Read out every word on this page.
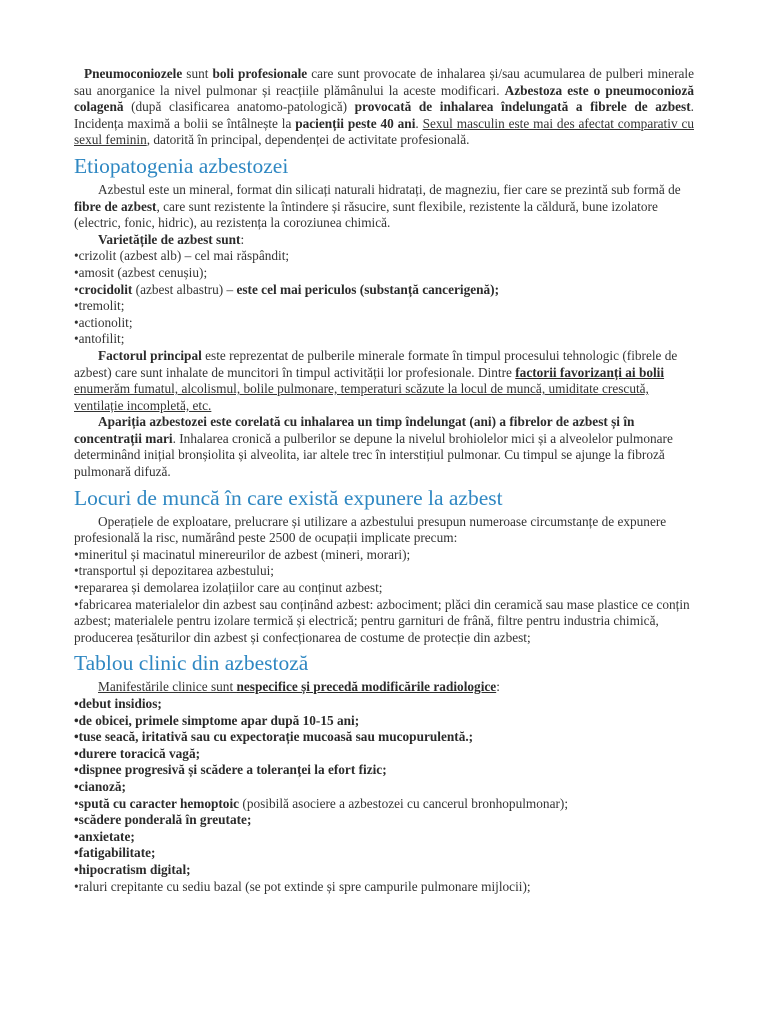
Pneumoconiozele sunt boli profesionale care sunt provocate de inhalarea și/sau acumularea de pulberi minerale sau anorganice la nivel pulmonar și reacțiile plămânului la aceste modificari. Azbestoza este o pneumoconioză colagenă (după clasificarea anatomo-patologică) provocată de inhalarea îndelungată a fibrele de azbest. Incidența maximă a bolii se întâlnește la pacienții peste 40 ani. Sexul masculin este mai des afectat comparativ cu sexul feminin, datorită în principal, dependenței de activitate profesională.

Etiopatogenia azbestozei

Azbestul este un mineral, format din silicați naturali hidratați, de magneziu, fier care se prezintă sub formă de fibre de azbest, care sunt rezistente la întindere și răsucire, sunt flexibile, rezistente la căldură, bune izolatore (electric, fonic, hidric), au rezistența la coroziunea chimică.

Varietățile de azbest sunt:

• crizolit (azbest alb) – cel mai răspândit;

• amosit (azbest cenușiu);

• crocidolit (azbest albastru) – este cel mai periculos (substanță cancerigenă);

• tremolit;

• actionolit;

• antofilit;

Factorul principal este reprezentat de pulberile minerale formate în timpul procesului tehnologic (fibrele de azbest) care sunt inhalate de muncitori în timpul activității lor profesionale. Dintre factorii favorizanți ai bolii enumerăm fumatul, alcolismul, bolile pulmonare, temperaturi scăzute la locul de muncă, umiditate crescută, ventilație incompletă, etc.

Apariția azbestozei este corelată cu inhalarea un timp îndelungat (ani) a fibrelor de azbest și în concentrații mari. Inhalarea cronică a pulberilor se depune la nivelul brohiolelor mici și a alveolelor pulmonare determinând inițial bronșiolita și alveolita, iar altele trec în interstițiul pulmonar. Cu timpul se ajunge la fibroză pulmonară difuză.

Locuri de muncă în care există expunere la azbest

Operațiele de exploatare, prelucrare și utilizare a azbestului presupun numeroase circumstanțe de expunere profesională la risc, numărând peste 2500 de ocupații implicate precum:

• mineritul și macinatul minereurilor de azbest (mineri, morari);

• transportul și depozitarea azbestului;

• repararea și demolarea izolațiilor care au conținut azbest;

• fabricarea materialelor din azbest sau conținând azbest: azbociment; plăci din ceramică sau mase plastice ce conțin azbest; materialele pentru izolare termică și electrică; pentru garnituri de frână, filtre pentru industria chimică, producerea țesăturilor din azbest și confecționarea de costume de protecție din azbest;

Tablou clinic din azbestoză

Manifestările clinice sunt nespecifice și precedă modificările radiologice:

• debut insidios;

• de obicei, primele simptome apar după 10-15 ani;

• tuse seacă, iritativă sau cu expectorație mucoasă sau mucopurulentă.;

• durere toracică vagă;

• dispnee progresivă și scădere a toleranței la efort fizic;

• cianoză;

• spută cu caracter hemoptoic (posibilă asociere a azbestozei cu cancerul bronhopulmonar);

• scădere ponderală în greutate;

• anxietate;

• fatigabilitate;

• hipocratism digital;

• raluri crepitante cu sediu bazal (se pot extinde și spre campurile pulmonare mijlocii);
